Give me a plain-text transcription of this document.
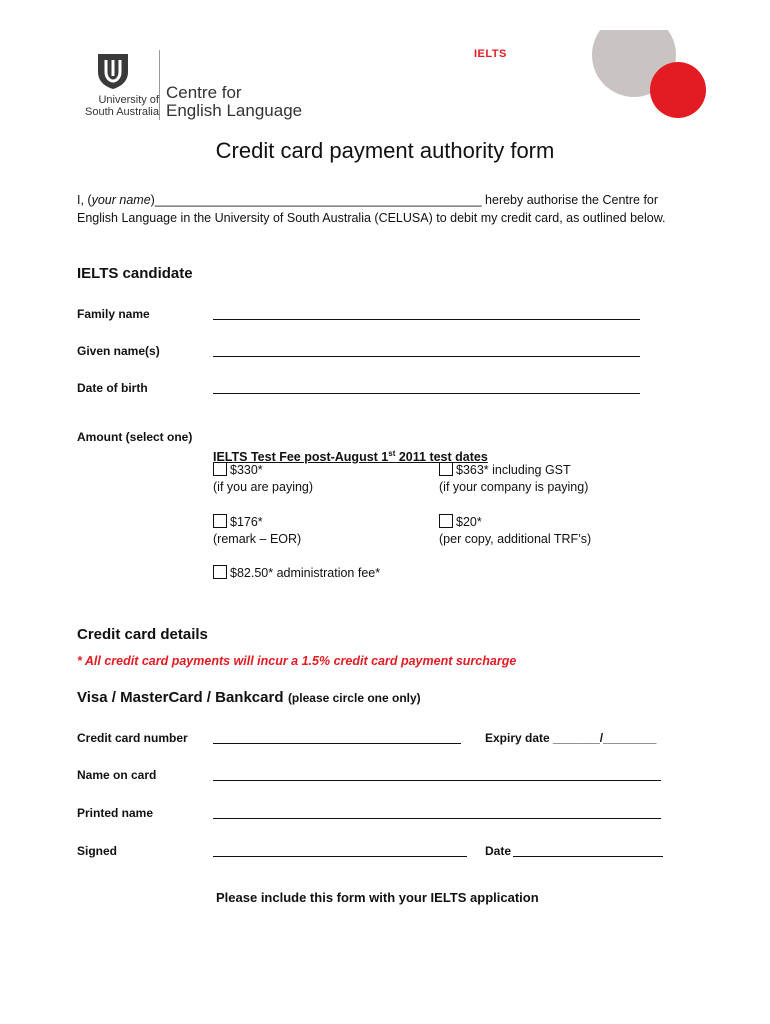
University of
South Australia
Centre for
English Language
IELTS
Credit card payment authority form
I, (your name)_______________________________________________ hereby authorise the Centre for English Language in the University of South Australia (CELUSA) to debit my credit card, as outlined below.
IELTS candidate
Family name
Given name(s)
Date of birth
Amount (select one)
IELTS Test Fee post-August 1st 2011 test dates
$330*
(if you are paying)
$363* including GST
(if your company is paying)
$176*
(remark – EOR)
$20*
(per copy, additional TRF’s)
$82.50* administration fee*
Credit card details
* All credit card payments will incur a 1.5% credit card payment surcharge
Visa / MasterCard / Bankcard (please circle one only)
Credit card number	Expiry date _______/________
Name on card
Printed name
Signed	Date
Please include this form with your IELTS application
